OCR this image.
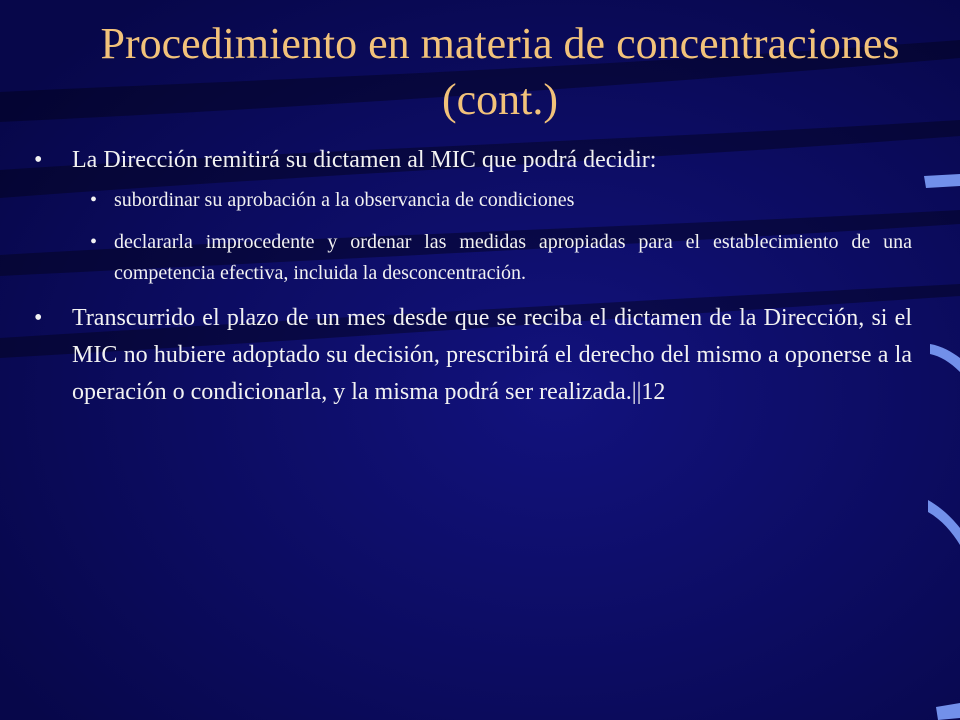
Procedimiento en materia de concentraciones
(cont.)
• La Dirección remitirá su dictamen al MIC que podrá decidir:
• subordinar su aprobación a la observancia de condiciones
• declararla improcedente y ordenar las medidas apropiadas para el establecimiento de una competencia efectiva, incluida la desconcentración.
• Transcurrido el plazo de un mes desde que se reciba el dictamen de la Dirección, si el MIC no hubiere adoptado su decisión, prescribirá el derecho del mismo a oponerse a la operación o condicionarla, y la misma podrá ser realizada.||12
